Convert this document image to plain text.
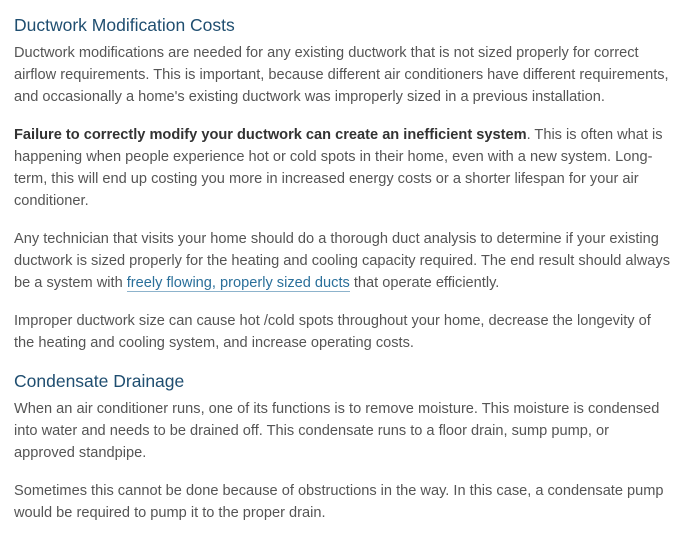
Ductwork Modification Costs

Ductwork modifications are needed for any existing ductwork that is not sized properly for correct airflow requirements. This is important, because different air conditioners have different requirements, and occasionally a home's existing ductwork was improperly sized in a previous installation.

Failure to correctly modify your ductwork can create an inefficient system. This is often what is happening when people experience hot or cold spots in their home, even with a new system. Long-term, this will end up costing you more in increased energy costs or a shorter lifespan for your air conditioner.

Any technician that visits your home should do a thorough duct analysis to determine if your existing ductwork is sized properly for the heating and cooling capacity required. The end result should always be a system with freely flowing, properly sized ducts that operate efficiently.

Improper ductwork size can cause hot /cold spots throughout your home, decrease the longevity of the heating and cooling system, and increase operating costs.

Condensate Drainage

When an air conditioner runs, one of its functions is to remove moisture. This moisture is condensed into water and needs to be drained off. This condensate runs to a floor drain, sump pump, or approved standpipe.

Sometimes this cannot be done because of obstructions in the way. In this case, a condensate pump would be required to pump it to the proper drain.
